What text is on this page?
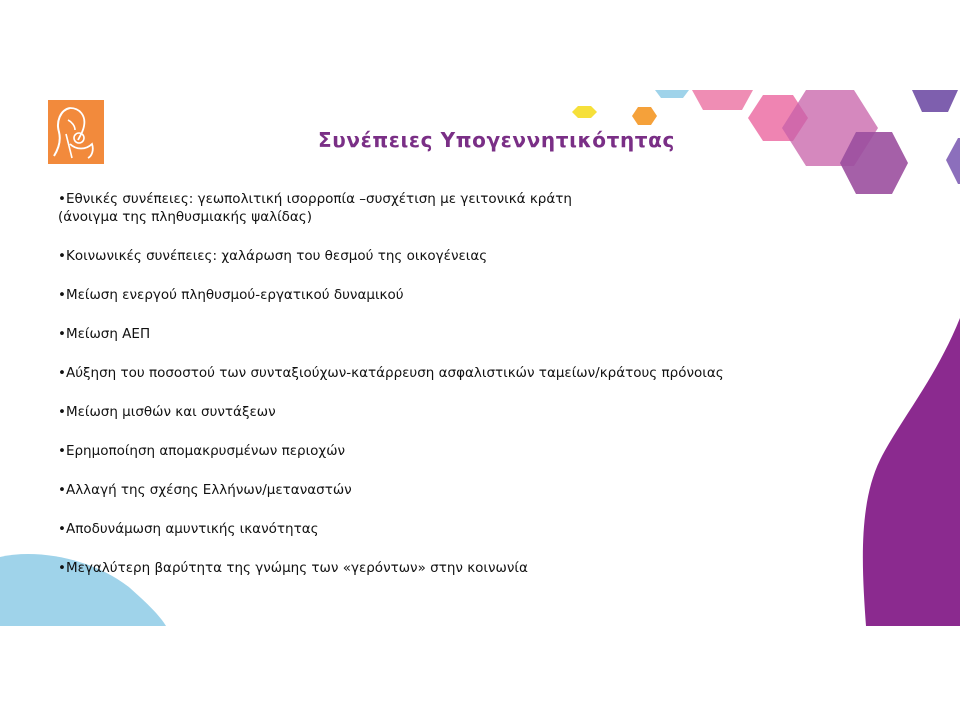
Συνέπειες Υπογεννητικότητας
•Εθνικές συνέπειες: γεωπολιτική ισορροπία –συσχέτιση με γειτονικά κράτη
(άνοιγμα της πληθυσμιακής ψαλίδας)
•Κοινωνικές συνέπειες: χαλάρωση του θεσμού της οικογένειας
•Μείωση ενεργού πληθυσμού-εργατικού δυναμικού
•Μείωση ΑΕΠ
•Αύξηση του ποσοστού των συνταξιούχων-κατάρρευση ασφαλιστικών ταμείων/κράτους πρόνοιας
•Μείωση μισθών και συντάξεων
•Ερημοποίηση απομακρυσμένων περιοχών
•Αλλαγή της σχέσης Ελλήνων/μεταναστών
•Αποδυνάμωση αμυντικής ικανότητας
•Μεγαλύτερη βαρύτητα της γνώμης των «γερόντων» στην κοινωνία
